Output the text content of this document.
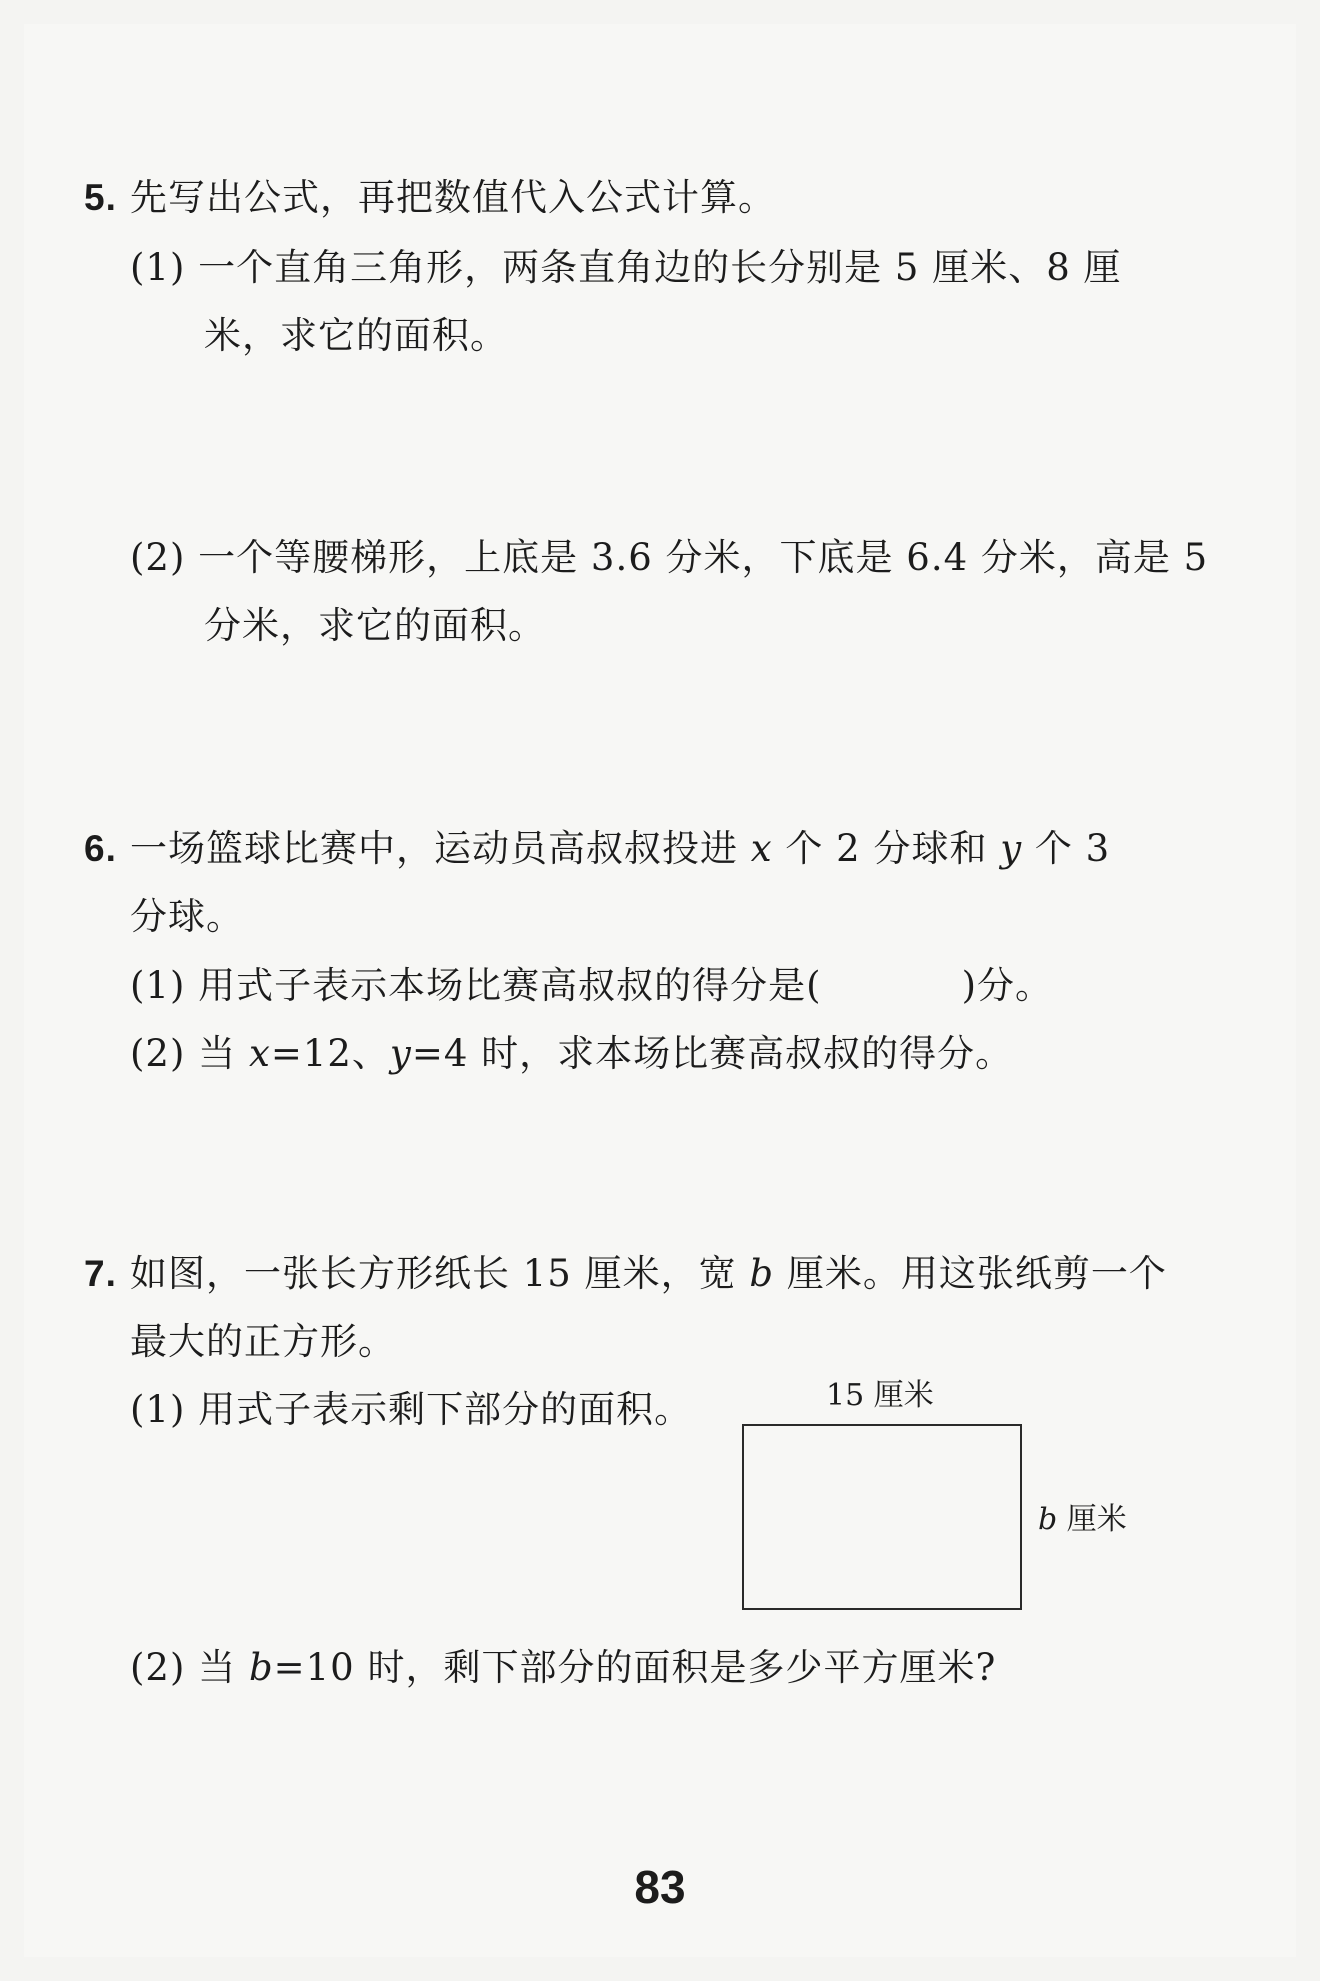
5. 先写出公式，再把数值代入公式计算。
(1) 一个直角三角形，两条直角边的长分别是 5 厘米、8 厘
米，求它的面积。
(2) 一个等腰梯形，上底是 3.6 分米，下底是 6.4 分米，高是 5
分米，求它的面积。
6. 一场篮球比赛中，运动员高叔叔投进 x 个 2 分球和 y 个 3
分球。
(1) 用式子表示本场比赛高叔叔的得分是(	)分。
(2) 当 x=12、y=4 时，求本场比赛高叔叔的得分。
7. 如图，一张长方形纸长 15 厘米，宽 b 厘米。用这张纸剪一个
最大的正方形。
(1) 用式子表示剩下部分的面积。	15 厘米
b 厘米
(2) 当 b=10 时，剩下部分的面积是多少平方厘米?
83
